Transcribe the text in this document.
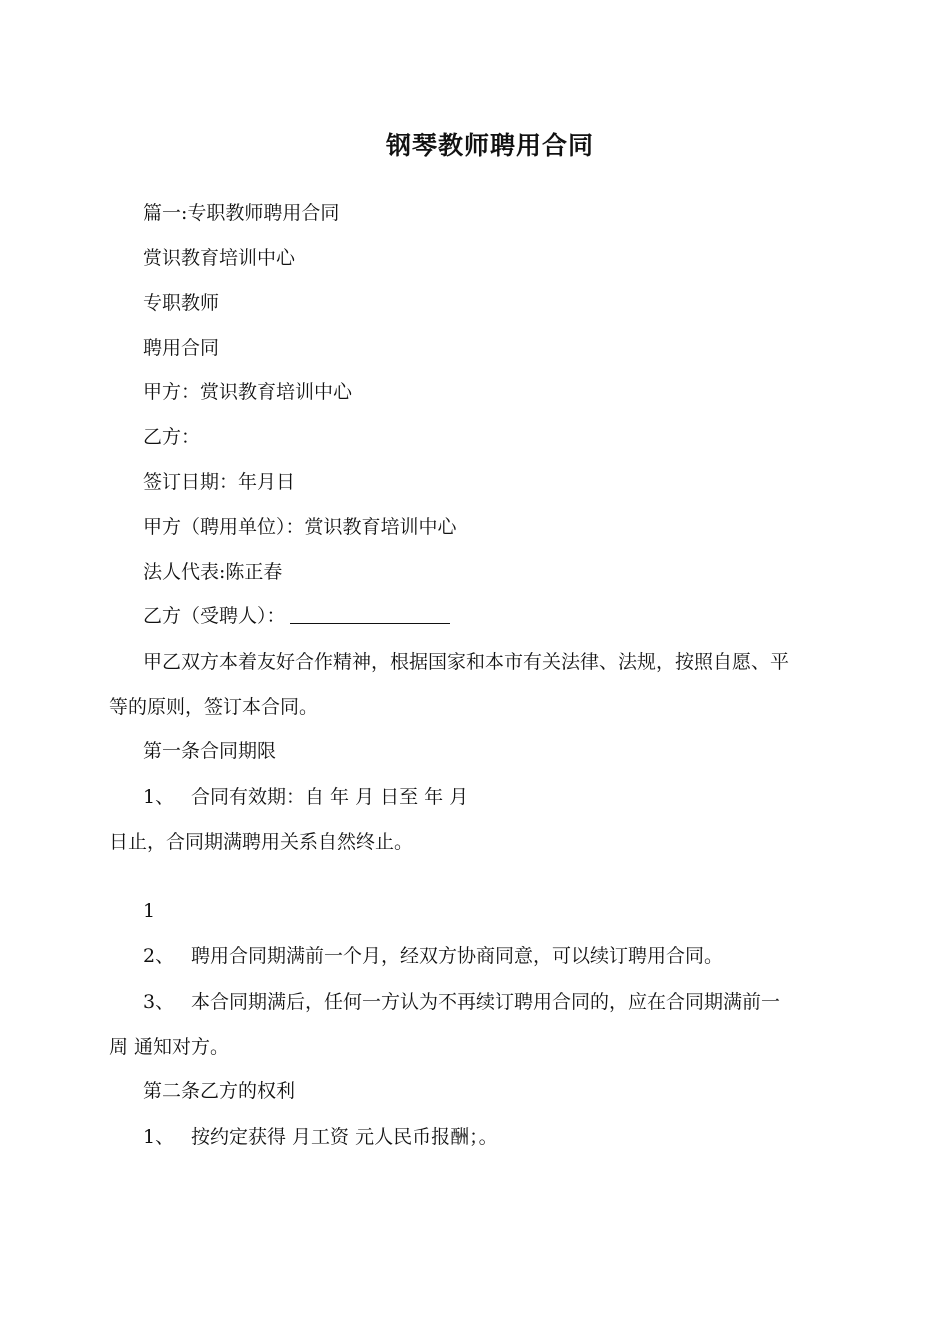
钢琴教师聘用合同
篇一:专职教师聘用合同
赏识教育培训中心
专职教师
聘用合同
甲方：赏识教育培训中心
乙方：
签订日期：年月日
甲方（聘用单位）：赏识教育培训中心
法人代表:陈正春
乙方（受聘人）：
甲乙双方本着友好合作精神，根据国家和本市有关法律、法规，按照自愿、平
等的原则，签订本合同。
第一条合同期限
1、 合同有效期：自 年 月 日至 年 月
日止，合同期满聘用关系自然终止。
1
2、 聘用合同期满前一个月，经双方协商同意，可以续订聘用合同。
3、 本合同期满后，任何一方认为不再续订聘用合同的，应在合同期满前一
周 通知对方。
第二条乙方的权利
1、 按约定获得 月工资 元人民币报酬；。
